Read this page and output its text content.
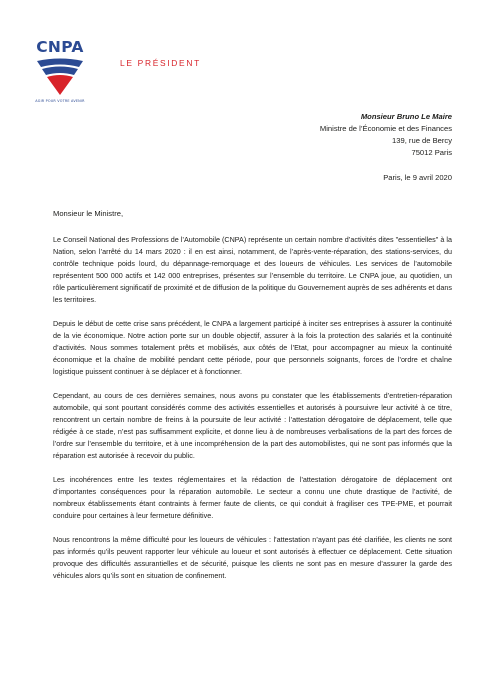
CNPA
AGIR POUR VOTRE AVENIR
LE PRÉSIDENT
Monsieur Bruno Le Maire
Ministre de l’Économie et des Finances
139, rue de Bercy
75012 Paris
Paris, le 9 avril 2020
Monsieur le Ministre,

Le Conseil National des Professions de l’Automobile (CNPA) représente un certain nombre d’activités dites "essentielles" à la Nation, selon l’arrêté du 14 mars 2020 : il en est ainsi, notamment, de l’après-vente-réparation, des stations-services, du contrôle technique poids lourd, du dépannage-remorquage et des loueurs de véhicules. Les services de l’automobile représentent 500 000 actifs et 142 000 entreprises, présentes sur l’ensemble du territoire. Le CNPA joue, au quotidien, un rôle particulièrement significatif de proximité et de diffusion de la politique du Gouvernement auprès de ses adhérents et dans les territoires.

Depuis le début de cette crise sans précédent, le CNPA a largement participé à inciter ses entreprises à assurer la continuité de la vie économique. Notre action porte sur un double objectif, assurer à la fois la protection des salariés et la continuité d’activités. Nous sommes totalement prêts et mobilisés, aux côtés de l’Etat, pour accompagner au mieux la continuité économique et la chaîne de mobilité pendant cette période, pour que personnels soignants, forces de l’ordre et chaîne logistique puissent continuer à se déplacer et à fonctionner.

Cependant, au cours de ces dernières semaines, nous avons pu constater que les établissements d’entretien-réparation automobile, qui sont pourtant considérés comme des activités essentielles et autorisés à poursuivre leur activité à ce titre, rencontrent un certain nombre de freins à la poursuite de leur activité : l’attestation dérogatoire de déplacement, telle que rédigée à ce stade, n’est pas suffisamment explicite, et donne lieu à de nombreuses verbalisations de la part des forces de l’ordre sur l’ensemble du territoire, et à une incompréhension de la part des automobilistes, qui ne sont pas informés que la réparation est autorisée à recevoir du public.

Les incohérences entre les textes réglementaires et la rédaction de l’attestation dérogatoire de déplacement ont d’importantes conséquences pour la réparation automobile. Le secteur a connu une chute drastique de l’activité, de nombreux établissements étant contraints à fermer faute de clients, ce qui conduit à fragiliser ces TPE-PME, et pourrait conduire pour certaines à leur fermeture définitive.

Nous rencontrons la même difficulté pour les loueurs de véhicules : l’attestation n’ayant pas été clarifiée, les clients ne sont pas informés qu’ils peuvent rapporter leur véhicule au loueur et sont autorisés à effectuer ce déplacement. Cette situation provoque des difficultés assurantielles et de sécurité, puisque les clients ne sont pas en mesure d’assurer la garde des véhicules alors qu’ils sont en situation de confinement.
